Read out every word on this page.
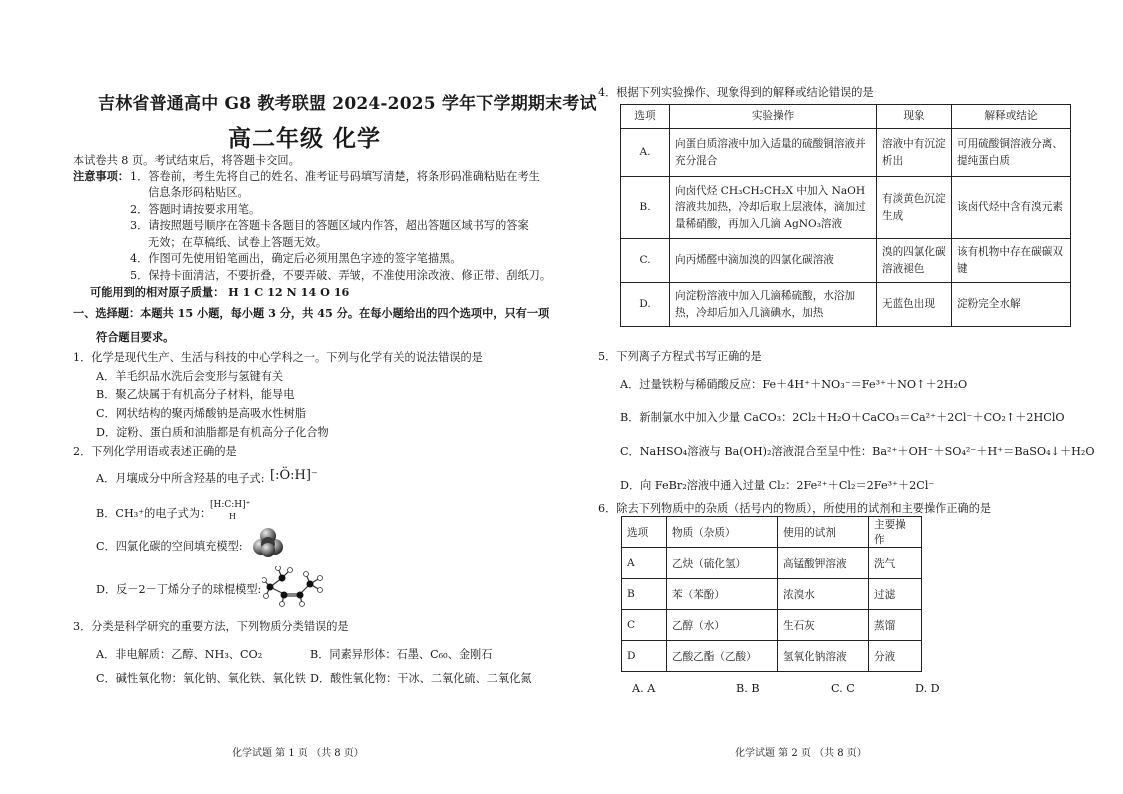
吉林省普通高中 G8 教考联盟 2024-2025 学年下学期期末考试
高二年级 化学
本试卷共 8 页。考试结束后，将答题卡交回。
注意事项： 1．答卷前，考生先将自己的姓名、准考证号码填写清楚，将条形码准确粘贴在考生
信息条形码粘贴区。
2．答题时请按要求用笔。
3．请按照题号顺序在答题卡各题目的答题区域内作答，超出答题区域书写的答案
无效；在草稿纸、试卷上答题无效。
4．作图可先使用铅笔画出，确定后必须用黑色字迹的签字笔描黑。
5．保持卡面清洁，不要折叠，不要弄破、弄皱，不准使用涂改液、修正带、刮纸刀。
可能用到的相对原子质量： H 1 C 12 N 14 O 16
一、选择题：本题共 15 小题，每小题 3 分，共 45 分。在每小题给出的四个选项中，只有一项
符合题目要求。
1．化学是现代生产、生活与科技的中心学科之一。下列与化学有关的说法错误的是
A．羊毛织品水洗后会变形与氢键有关
B．聚乙炔属于有机高分子材料，能导电
C．网状结构的聚丙烯酸钠是高吸水性树脂
D．淀粉、蛋白质和油脂都是有机高分子化合物
2．下列化学用语或表述正确的是
A．月壤成分中所含羟基的电子式: [:Ö:H]⁻
B．CH₃⁺的电子式为：
[H:C:H]⁺
H
C．四氯化碳的空间填充模型:
D．反－2－丁烯分子的球棍模型:
3．分类是科学研究的重要方法，下列物质分类错误的是
A．非电解质：乙醇、NH₃、CO₂	B．同素异形体：石墨、C₆₀、金刚石
C．碱性氧化物：氧化钠、氧化铁、氧化铁 D．酸性氧化物：干冰、二氧化硫、二氧化氮
化学试题 第 1 页 （共 8 页）
4．根据下列实验操作、现象得到的解释或结论错误的是
选项	实验操作	现象	解释或结论
A.	向蛋白质溶液中加入适量的硫酸铜溶液并充分混合	溶液中有沉淀析出	可用硫酸铜溶液分离、提纯蛋白质
B.	向卤代烃 CH₃CH₂CH₂X 中加入 NaOH 溶液共加热，冷却后取上层液体，滴加过量稀硝酸，再加入几滴 AgNO₃溶液	有淡黄色沉淀生成	该卤代烃中含有溴元素
C.	向丙烯醛中滴加溴的四氯化碳溶液	溴的四氯化碳溶液褪色	该有机物中存在碳碳双键
D.	向淀粉溶液中加入几滴稀硫酸，水浴加热，冷却后加入几滴碘水，加热	无蓝色出现	淀粉完全水解
5．下列离子方程式书写正确的是
A．过量铁粉与稀硝酸反应：Fe＋4H⁺＋NO₃⁻＝Fe³⁺＋NO↑＋2H₂O
B．新制氯水中加入少量 CaCO₃：2Cl₂＋H₂O＋CaCO₃＝Ca²⁺＋2Cl⁻＋CO₂↑＋2HClO
C．NaHSO₄溶液与 Ba(OH)₂溶液混合至呈中性：Ba²⁺＋OH⁻＋SO₄²⁻＋H⁺＝BaSO₄↓＋H₂O
D．向 FeBr₂溶液中通入过量 Cl₂：2Fe²⁺＋Cl₂＝2Fe³⁺＋2Cl⁻
6．除去下列物质中的杂质（括号内的物质），所使用的试剂和主要操作正确的是
选项	物质（杂质）	使用的试剂	主要操作
A	乙炔（硫化氢）	高锰酸钾溶液	洗气
B	苯（苯酚）	浓溴水	过滤
C	乙醇（水）	生石灰	蒸馏
D	乙酸乙酯（乙酸）	氢氧化钠溶液	分液
A. A	B. B	C. C	D. D
化学试题 第 2 页 （共 8 页）
